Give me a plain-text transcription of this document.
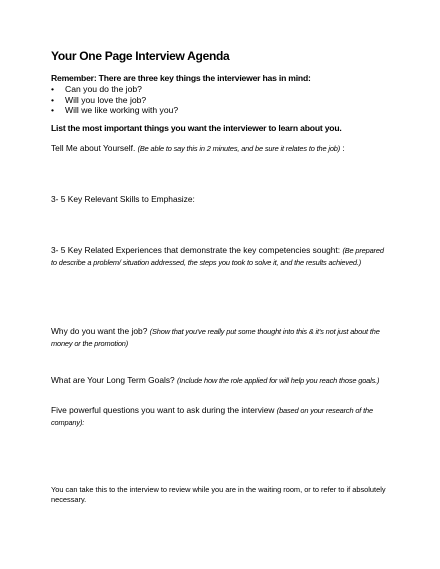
Your One Page Interview Agenda
Remember: There are three key things the interviewer has in mind:
• Can you do the job?
• Will you love the job?
• Will we like working with you?
List the most important things you want the interviewer to learn about you.
Tell Me about Yourself. (Be able to say this in 2 minutes, and be sure it relates to the job) :
3- 5 Key Relevant Skills to Emphasize:
3- 5 Key Related Experiences that demonstrate the key competencies sought: (Be prepared to describe a problem/ situation addressed, the steps you took to solve it, and the results achieved.)
Why do you want the job? (Show that you've really put some thought into this & it's not just about the money or the promotion)
What are Your Long Term Goals? (Include how the role applied for will help you reach those goals.)
Five powerful questions you want to ask during the interview (based on your research of the company):
You can take this to the interview to review while you are in the waiting room, or to refer to if absolutely necessary.
